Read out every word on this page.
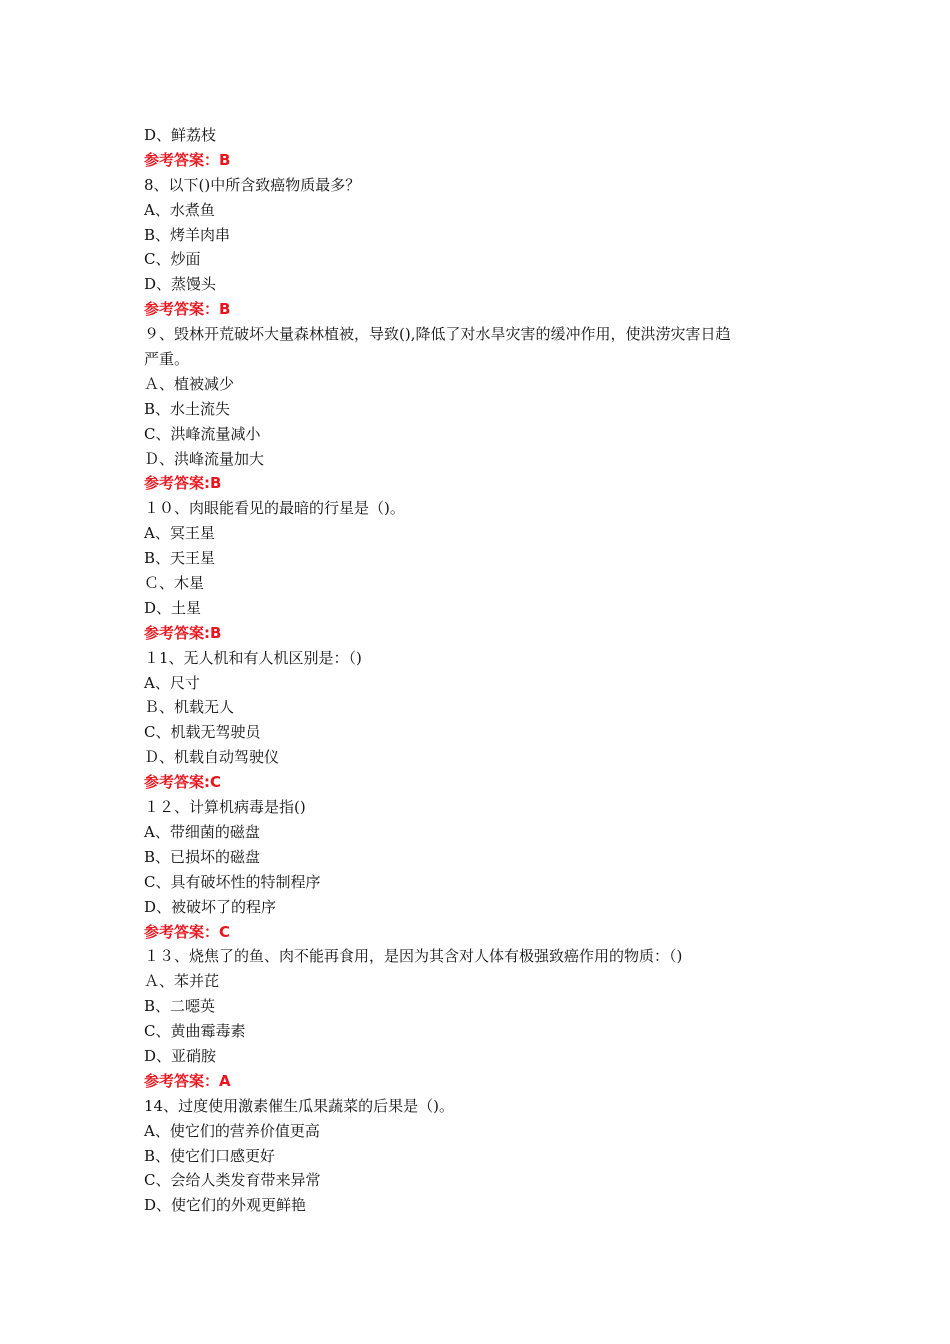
D、鲜荔枝
参考答案：B
8、以下()中所含致癌物质最多？
A、水煮鱼
B、烤羊肉串
C、炒面
D、蒸馒头
参考答案：B
９、毁林开荒破坏大量森林植被，导致(),降低了对水旱灾害的缓冲作用，使洪涝灾害日趋
严重。
Ａ、植被减少
B、水土流失
C、洪峰流量减小
Ｄ、洪峰流量加大
参考答案:B
１０、肉眼能看见的最暗的行星是（)。
A、冥王星
B、天王星
Ｃ、木星
D、土星
参考答案:B
１1、无人机和有人机区别是：（)
A、尺寸
Ｂ、机载无人
C、机载无驾驶员
Ｄ、机载自动驾驶仪
参考答案:C
１２、计算机病毒是指()
A、带细菌的磁盘
B、已损坏的磁盘
C、具有破坏性的特制程序
D、被破坏了的程序
参考答案：C
１３、烧焦了的鱼、肉不能再食用，是因为其含对人体有极强致癌作用的物质：（)
Ａ、苯并芘
B、二噁英
C、黄曲霉毒素
D、亚硝胺
参考答案：A
14、过度使用激素催生瓜果蔬菜的后果是（)。
A、使它们的营养价值更高
B、使它们口感更好
C、会给人类发育带来异常
D、使它们的外观更鲜艳
